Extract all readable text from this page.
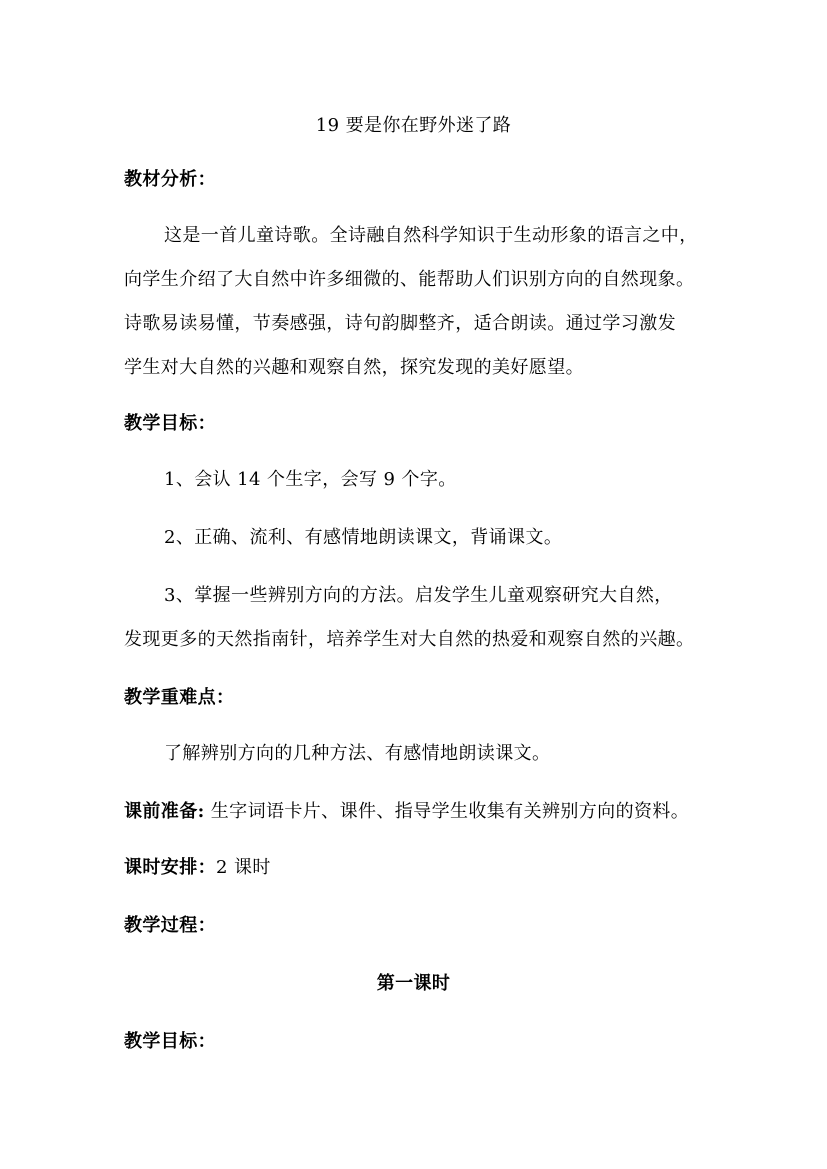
19 要是你在野外迷了路
教材分析：
这是一首儿童诗歌。全诗融自然科学知识于生动形象的语言之中，
向学生介绍了大自然中许多细微的、能帮助人们识别方向的自然现象。
诗歌易读易懂，节奏感强，诗句韵脚整齐，适合朗读。通过学习激发
学生对大自然的兴趣和观察自然，探究发现的美好愿望。
教学目标：
1、会认 14 个生字，会写 9 个字。
2、正确、流利、有感情地朗读课文，背诵课文。
3、掌握一些辨别方向的方法。启发学生儿童观察研究大自然，
发现更多的天然指南针，培养学生对大自然的热爱和观察自然的兴趣。
教学重难点：
了解辨别方向的几种方法、有感情地朗读课文。
课前准备: 生字词语卡片、课件、指导学生收集有关辨别方向的资料。
课时安排：2 课时
教学过程：
第一课时
教学目标：
